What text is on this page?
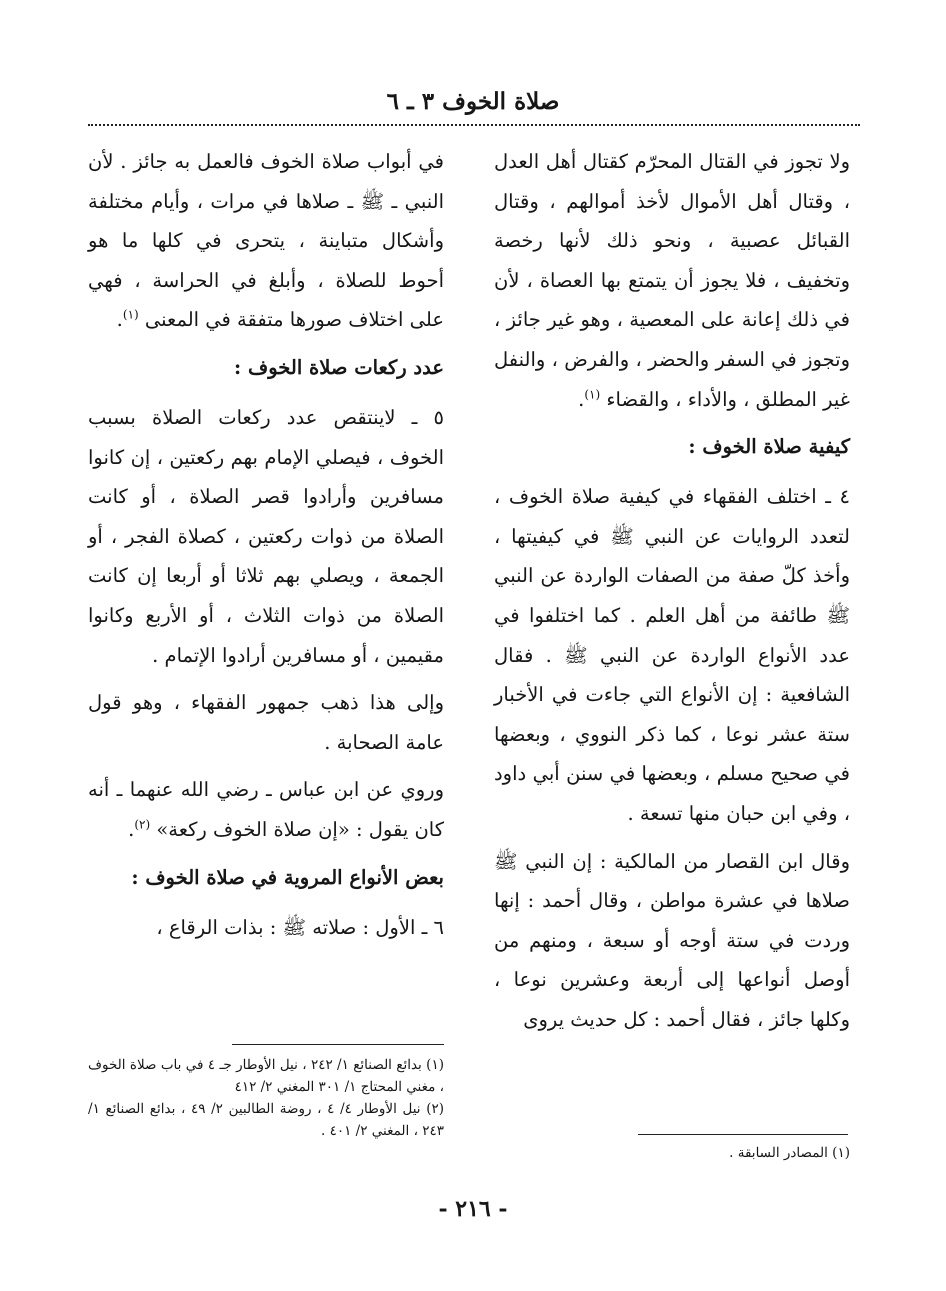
صلاة الخوف ٣ ـ ٦

ولا تجوز في القتال المحرّم كقتال أهل العدل ، وقتال أهل الأموال لأخذ أموالهم ، وقتال القبائل عصبية ، ونحو ذلك لأنها رخصة وتخفيف ، فلا يجوز أن يتمتع بها العصاة ، لأن في ذلك إعانة على المعصية ، وهو غير جائز ، وتجوز في السفر والحضر ، والفرض ، والنفل غير المطلق ، والأداء ، والقضاء $^{(١)}$.

كيفية صلاة الخوف :

٤ ـ اختلف الفقهاء في كيفية صلاة الخوف ، لتعدد الروايات عن النبي ﷺ في كيفيتها ، وأخذ كلّ صفة من الصفات الواردة عن النبي ﷺ طائفة من أهل العلم . كما اختلفوا في عدد الأنواع الواردة عن النبي ﷺ . فقال الشافعية : إن الأنواع التي جاءت في الأخبار ستة عشر نوعا ، كما ذكر النووي ، وبعضها في صحيح مسلم ، وبعضها في سنن أبي داود ، وفي ابن حبان منها تسعة .

وقال ابن القصار من المالكية : إن النبي ﷺ صلاها في عشرة مواطن ، وقال أحمد : إنها وردت في ستة أوجه أو سبعة ، ومنهم من أوصل أنواعها إلى أربعة وعشرين نوعا ، وكلها جائز ، فقال أحمد : كل حديث يروى

في أبواب صلاة الخوف فالعمل به جائز . لأن النبي ـ ﷺ ـ صلاها في مرات ، وأيام مختلفة وأشكال متباينة ، يتحرى في كلها ما هو أحوط للصلاة ، وأبلغ في الحراسة ، فهي على اختلاف صورها متفقة في المعنى $^{(١)}$.

عدد ركعات صلاة الخوف :

٥ ـ لاينتقص عدد ركعات الصلاة بسبب الخوف ، فيصلي الإمام بهم ركعتين ، إن كانوا مسافرين وأرادوا قصر الصلاة ، أو كانت الصلاة من ذوات ركعتين ، كصلاة الفجر ، أو الجمعة ، ويصلي بهم ثلاثا أو أربعا إن كانت الصلاة من ذوات الثلاث ، أو الأربع وكانوا مقيمين ، أو مسافرين أرادوا الإتمام .

وإلى هذا ذهب جمهور الفقهاء ، وهو قول عامة الصحابة .

وروي عن ابن عباس ـ رضي الله عنهما ـ أنه كان يقول : «إن صلاة الخوف ركعة» $^{(٢)}$.

بعض الأنواع المروية في صلاة الخوف :

٦ ـ الأول : صلاته ﷺ : بذات الرقاع ،

(١) المصادر السابقة .
(١) بدائع الصنائع ١/ ٢٤٢ ، نيل الأوطار جـ ٤ في باب صلاة الخوف ، مغني المحتاج ١/ ٣٠١ المغني ٢/ ٤١٢
(٢) نيل الأوطار ٤/ ٤ ، روضة الطالبين ٢/ ٤٩ ، بدائع الصنائع ١/ ٢٤٣ ، المغني ٢/ ٤٠١ .
- ٢١٦ -
